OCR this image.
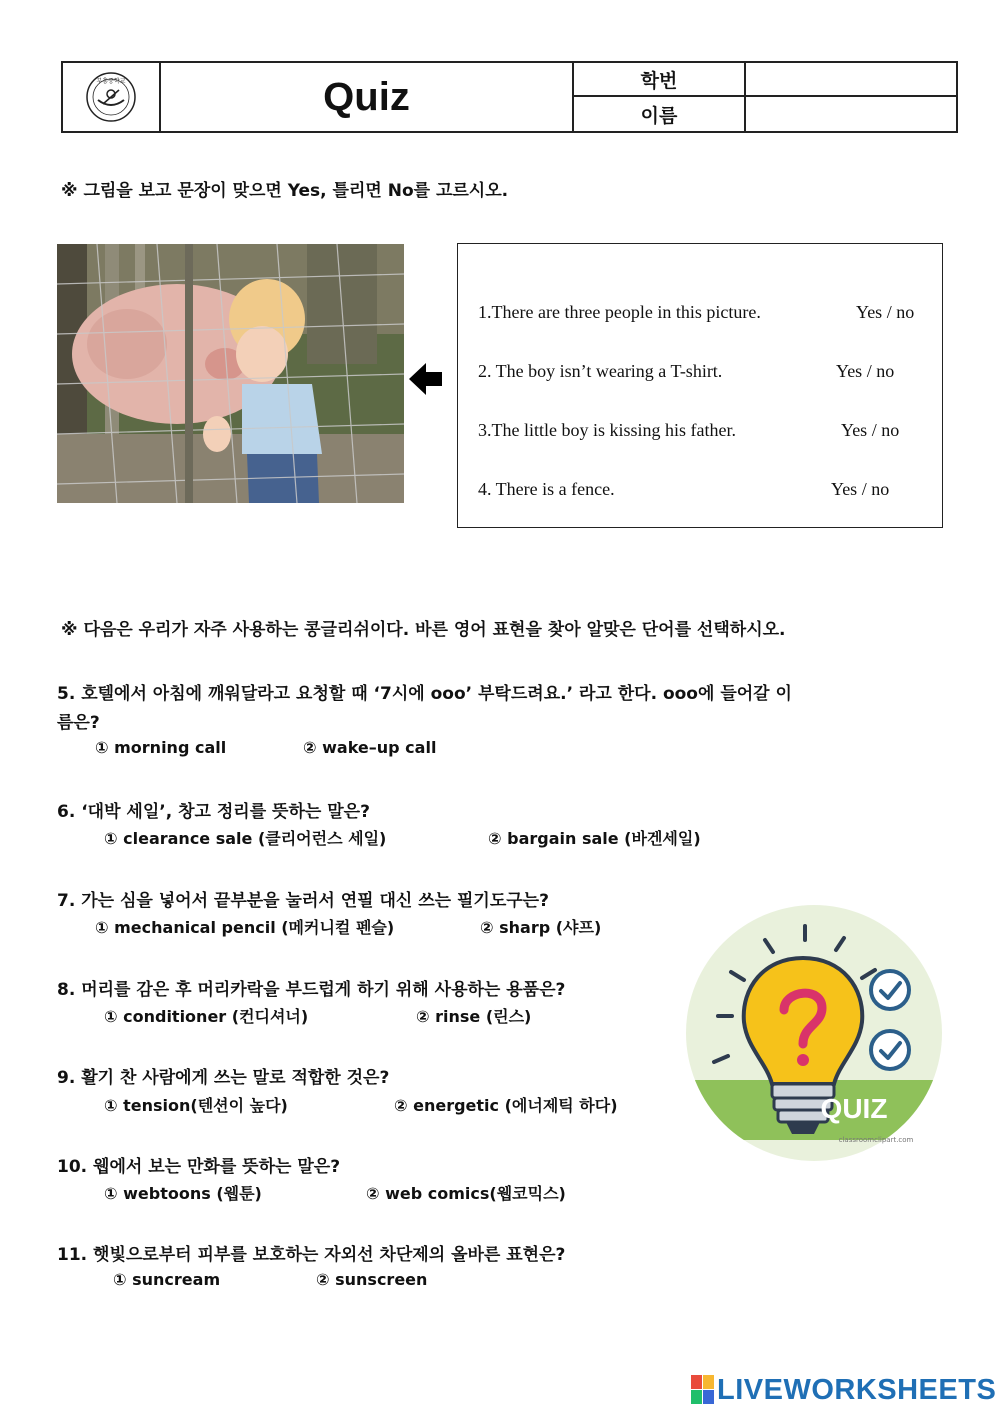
부흥중학교	Quiz	학번
이름
※ 그림을 보고 문장이 맞으면 Yes, 틀리면 No를 고르시오.
1.There are three people in this picture.	Yes / no
2. The boy isn’t wearing a T-shirt.	Yes / no
3.The little boy is kissing his father.	Yes / no
4. There is a fence.	Yes / no
※ 다음은 우리가 자주 사용하는 콩글리쉬이다. 바른 영어 표현을 찾아 알맞은 단어를 선택하시오.
5. 호텔에서 아침에 깨워달라고 요청할 때 ‘7시에 ooo’ 부탁드려요.’ 라고 한다. ooo에 들어갈 이
름은?
① morning call	② wake–up call
6. ‘대박 세일’, 창고 정리를 뜻하는 말은?
① clearance sale (클리어런스 세일)	② bargain sale (바겐세일)
7. 가는 심을 넣어서 끝부분을 눌러서 연필 대신 쓰는 필기도구는?
① mechanical pencil (메커니컬 펜슬)	② sharp (샤프)
8. 머리를 감은 후 머리카락을 부드럽게 하기 위해 사용하는 용품은?
① conditioner (컨디셔너)	② rinse (린스)
9. 활기 찬 사람에게 쓰는 말로 적합한 것은?
① tension(텐션이 높다)	② energetic (에너제틱 하다)
10. 웹에서 보는 만화를 뜻하는 말은?
① webtoons (웹툰)	② web comics(웹코믹스)
11. 햇빛으로부터 피부를 보호하는 자외선 차단제의 올바른 표현은?
① suncream	② sunscreen
QUIZ
classroomclipart.com
LIVEWORKSHEETS
